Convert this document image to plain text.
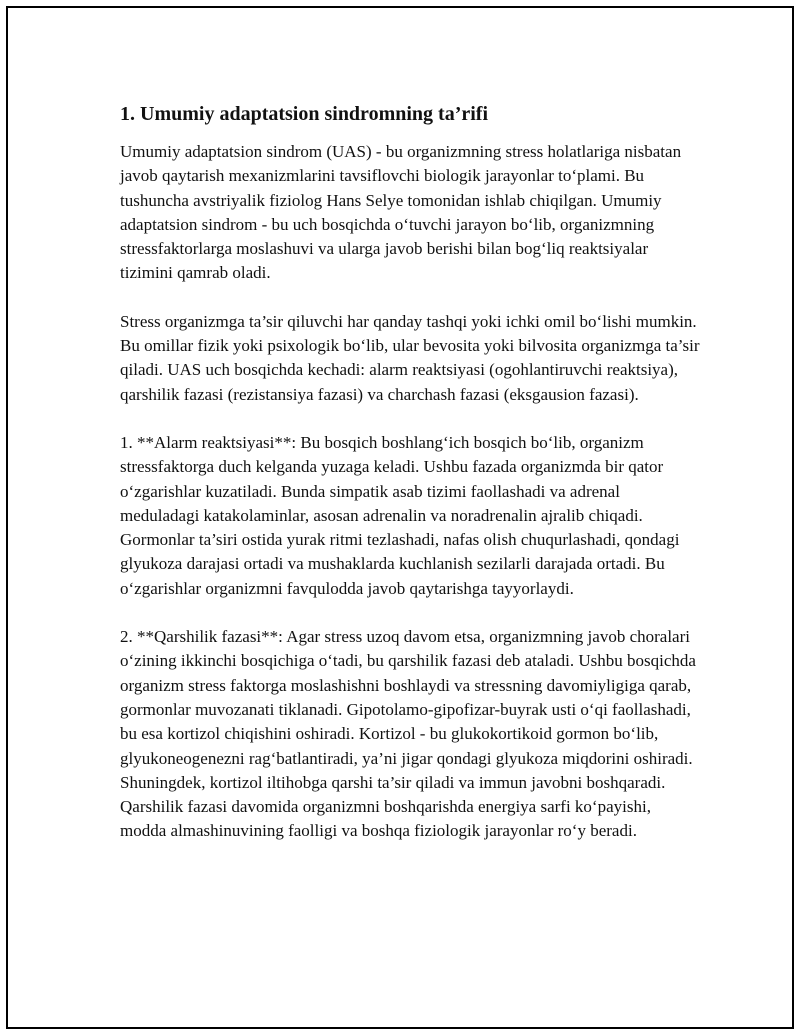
1. Umumiy adaptatsion sindromning ta’rifi

Umumiy adaptatsion sindrom (UAS) - bu organizmning stress holatlariga nisbatan javob qaytarish mexanizmlarini tavsiflovchi biologik jarayonlar to‘plami. Bu tushuncha avstriyalik fiziolog Hans Selye tomonidan ishlab chiqilgan. Umumiy adaptatsion sindrom - bu uch bosqichda o‘tuvchi jarayon bo‘lib, organizmning stressfaktorlarga moslashuvi va ularga javob berishi bilan bog‘liq reaktsiyalar tizimini qamrab oladi.

Stress organizmga ta’sir qiluvchi har qanday tashqi yoki ichki omil bo‘lishi mumkin. Bu omillar fizik yoki psixologik bo‘lib, ular bevosita yoki bilvosita organizmga ta’sir qiladi. UAS uch bosqichda kechadi: alarm reaktsiyasi (ogohlantiruvchi reaktsiya), qarshilik fazasi (rezistansiya fazasi) va charchash fazasi (eksgausion fazasi).

1. **Alarm reaktsiyasi**: Bu bosqich boshlang‘ich bosqich bo‘lib, organizm stressfaktorga duch kelganda yuzaga keladi. Ushbu fazada organizmda bir qator o‘zgarishlar kuzatiladi. Bunda simpatik asab tizimi faollashadi va adrenal meduladagi katakolaminlar, asosan adrenalin va noradrenalin ajralib chiqadi. Gormonlar ta’siri ostida yurak ritmi tezlashadi, nafas olish chuqurlashadi, qondagi glyukoza darajasi ortadi va mushaklarda kuchlanish sezilarli darajada ortadi. Bu o‘zgarishlar organizmni favqulodda javob qaytarishga tayyorlaydi.

2. **Qarshilik fazasi**: Agar stress uzoq davom etsa, organizmning javob choralari o‘zining ikkinchi bosqichiga o‘tadi, bu qarshilik fazasi deb ataladi. Ushbu bosqichda organizm stress faktorga moslashishni boshlaydi va stressning davomiyligiga qarab, gormonlar muvozanati tiklanadi. Gipotolamo-gipofizar-buyrak usti o‘qi faollashadi, bu esa kortizol chiqishini oshiradi. Kortizol - bu glukokortikoid gormon bo‘lib, glyukoneogenezni rag‘batlantiradi, ya’ni jigar qondagi glyukoza miqdorini oshiradi. Shuningdek, kortizol iltihobga qarshi ta’sir qiladi va immun javobni boshqaradi. Qarshilik fazasi davomida organizmni boshqarishda energiya sarfi ko‘payishi, modda almashinuvining faolligi va boshqa fiziologik jarayonlar ro‘y beradi.
